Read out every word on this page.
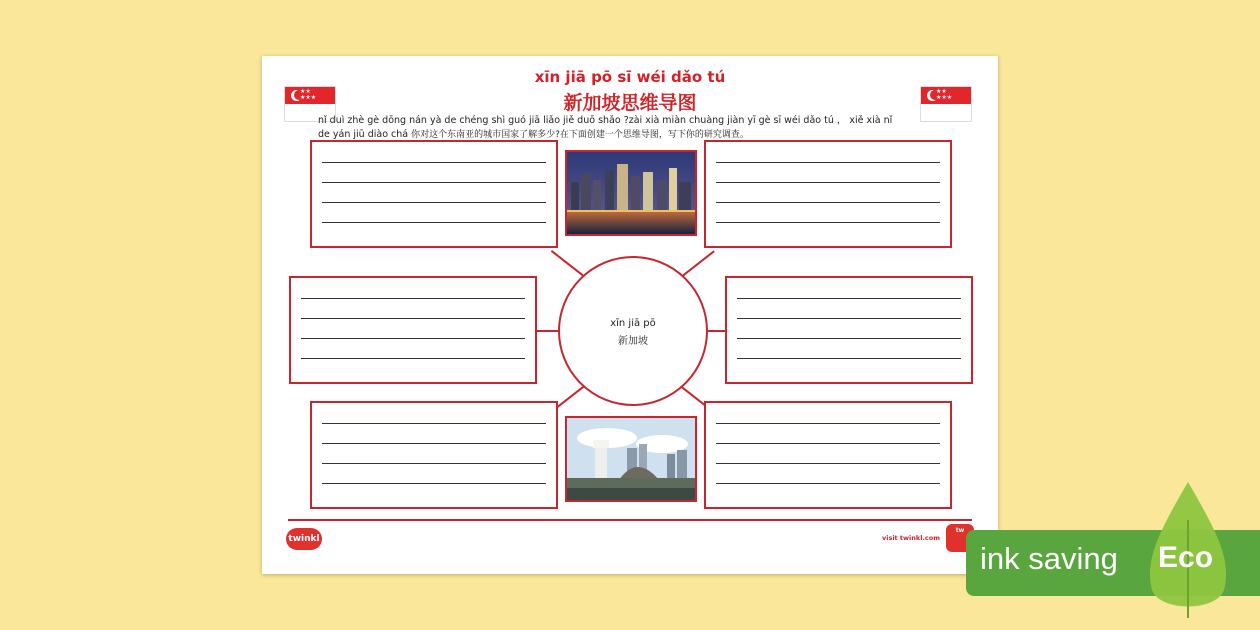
★★
★★★
★★
★★★
xīn jiā pō sī wéi dǎo tú
新加坡思维导图
nǐ duì zhè gè dōng nán yà de chéng shì guó jiā liǎo jiě duō shǎo ?zài xià miàn chuàng jiàn yī gè sī wéi dǎo tú ， xiě xià nǐ
de yán jiū diào chá 你对这个东南亚的城市国家了解多少?在下面创建一个思维导图，写下你的研究调查。
xīn jiā pō
新加坡
twinkl	visit twinkl.com
tw
ink saving Eco
